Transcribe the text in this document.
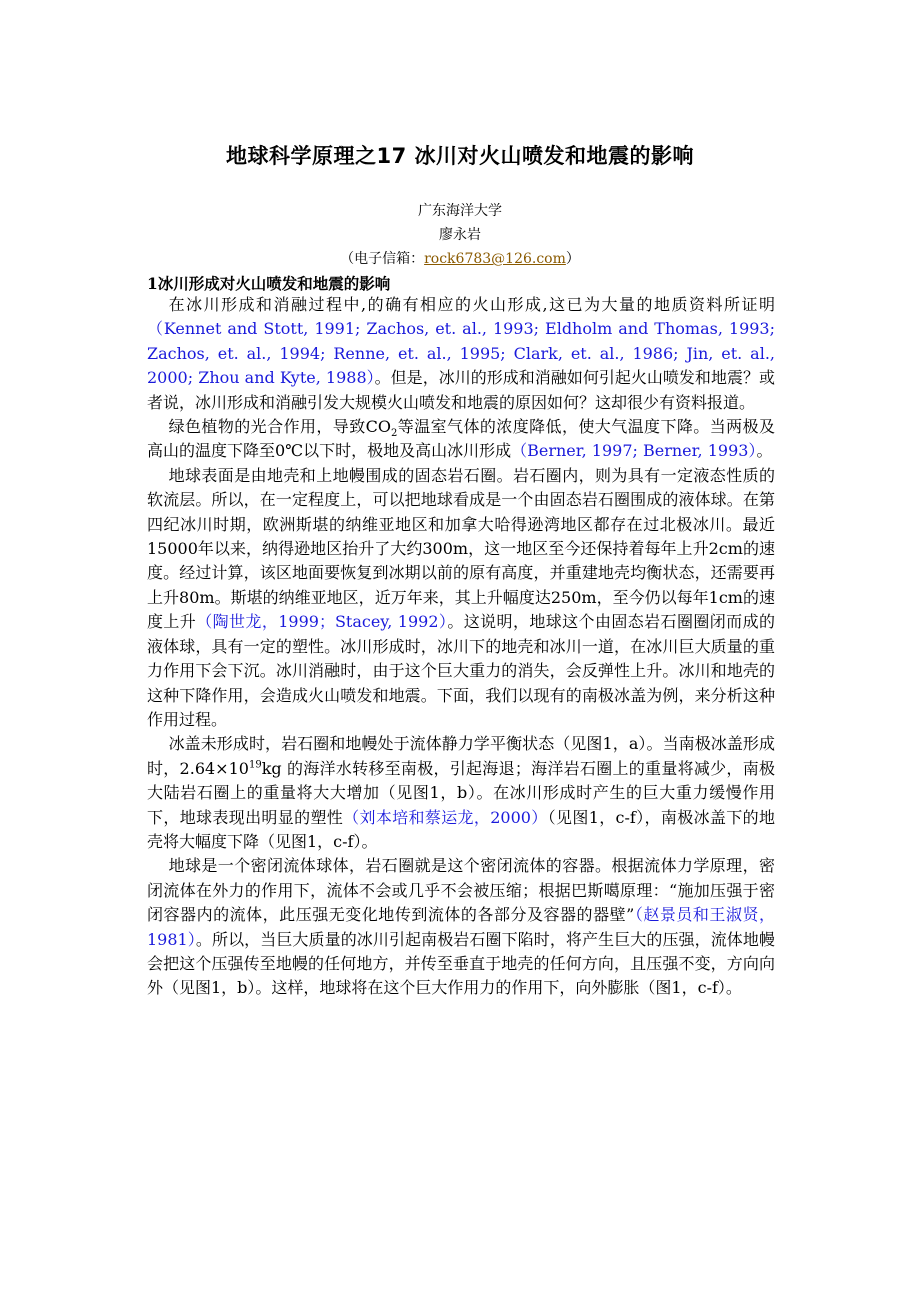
地球科学原理之17 冰川对火山喷发和地震的影响
广东海洋大学
廖永岩
（电子信箱：rock6783@126.com）
1冰川形成对火山喷发和地震的影响

在冰川形成和消融过程中,的确有相应的火山形成,这已为大量的地质资料所证明（Kennet and Stott, 1991; Zachos, et. al., 1993; Eldholm and Thomas, 1993; Zachos, et. al., 1994; Renne, et. al., 1995; Clark, et. al., 1986; Jin, et. al., 2000; Zhou and Kyte, 1988）。但是，冰川的形成和消融如何引起火山喷发和地震？或者说，冰川形成和消融引发大规模火山喷发和地震的原因如何？这却很少有资料报道。

绿色植物的光合作用，导致$CO_2$等温室气体的浓度降低，使大气温度下降。当两极及高山的温度下降至0℃以下时，极地及高山冰川形成（Berner, 1997; Berner, 1993）。

地球表面是由地壳和上地幔围成的固态岩石圈。岩石圈内，则为具有一定液态性质的软流层。所以，在一定程度上，可以把地球看成是一个由固态岩石圈围成的液体球。在第四纪冰川时期，欧洲斯堪的纳维亚地区和加拿大哈得逊湾地区都存在过北极冰川。最近15000年以来，纳得逊地区抬升了大约300m，这一地区至今还保持着每年上升2cm的速度。经过计算，该区地面要恢复到冰期以前的原有高度，并重建地壳均衡状态，还需要再上升80m。斯堪的纳维亚地区，近万年来，其上升幅度达250m，至今仍以每年1cm的速度上升（陶世龙，1999；Stacey, 1992）。这说明，地球这个由固态岩石圈圈闭而成的液体球，具有一定的塑性。冰川形成时，冰川下的地壳和冰川一道，在冰川巨大质量的重力作用下会下沉。冰川消融时，由于这个巨大重力的消失，会反弹性上升。冰川和地壳的这种下降作用，会造成火山喷发和地震。下面，我们以现有的南极冰盖为例，来分析这种作用过程。

冰盖未形成时，岩石圈和地幔处于流体静力学平衡状态（见图1，a）。当南极冰盖形成时，$2.64\times 10^{19}kg$ 的海洋水转移至南极，引起海退；海洋岩石圈上的重量将减少，南极大陆岩石圈上的重量将大大增加（见图1，b）。在冰川形成时产生的巨大重力缓慢作用下，地球表现出明显的塑性（刘本培和蔡运龙，2000）（见图1，c-f），南极冰盖下的地壳将大幅度下降（见图1，c-f）。

地球是一个密闭流体球体，岩石圈就是这个密闭流体的容器。根据流体力学原理，密闭流体在外力的作用下，流体不会或几乎不会被压缩；根据巴斯噶原理：“施加压强于密闭容器内的流体，此压强无变化地传到流体的各部分及容器的器壁”（赵景员和王淑贤，1981）。所以，当巨大质量的冰川引起南极岩石圈下陷时，将产生巨大的压强，流体地幔会把这个压强传至地幔的任何地方，并传至垂直于地壳的任何方向，且压强不变，方向向外（见图1，b）。这样，地球将在这个巨大作用力的作用下，向外膨胀（图1，c-f）。
